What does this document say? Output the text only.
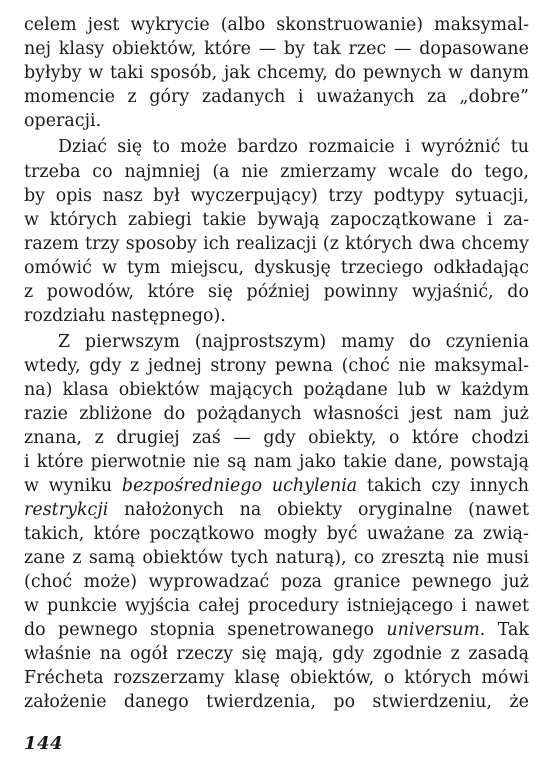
celem jest wykrycie (albo skonstruowanie) maksymal-
nej klasy obiektów, które — by tak rzec — dopasowane
byłyby w taki sposób, jak chcemy, do pewnych w danym
momencie z góry zadanych i uważanych za „dobre”
operacji.
Dziać się to może bardzo rozmaicie i wyróżnić tu
trzeba co najmniej (a nie zmierzamy wcale do tego,
by opis nasz był wyczerpujący) trzy podtypy sytuacji,
w których zabiegi takie bywają zapoczątkowane i za-
razem trzy sposoby ich realizacji (z których dwa chcemy
omówić w tym miejscu, dyskusję trzeciego odkładając
z powodów, które się później powinny wyjaśnić, do
rozdziału następnego).
Z pierwszym (najprostszym) mamy do czynienia
wtedy, gdy z jednej strony pewna (choć nie maksymal-
na) klasa obiektów mających pożądane lub w każdym
razie zbliżone do pożądanych własności jest nam już
znana, z drugiej zaś — gdy obiekty, o które chodzi
i które pierwotnie nie są nam jako takie dane, powstają
w wyniku bezpośredniego uchylenia takich czy innych
restrykcji nałożonych na obiekty oryginalne (nawet
takich, które początkowo mogły być uważane za zwią-
zane z samą obiektów tych naturą), co zresztą nie musi
(choć może) wyprowadzać poza granice pewnego już
w punkcie wyjścia całej procedury istniejącego i nawet
do pewnego stopnia spenetrowanego universum. Tak
właśnie na ogół rzeczy się mają, gdy zgodnie z zasadą
Frécheta rozszerzamy klasę obiektów, o których mówi
założenie danego twierdzenia, po stwierdzeniu, że
144
